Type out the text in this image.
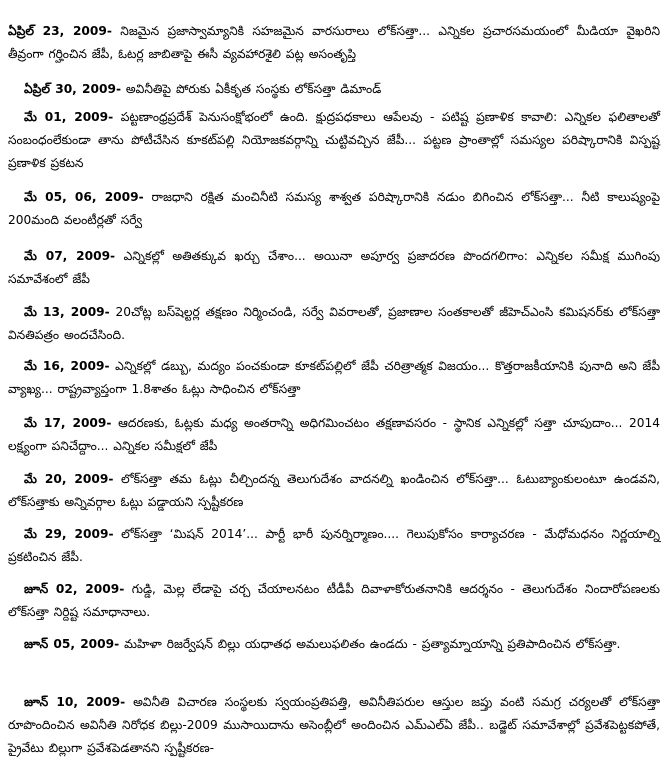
ఏప్రిల్ 23, 2009- నిజమైన ప్రజాస్వామ్యానికి సహజమైన వారసురాలు లోక్‌సత్తా... ఎన్నికల ప్రచారసమయంలో మీడియా వైఖరిని తీవ్రంగా గర్హించిన జేపీ, ఓటర్ల జాబితాపై ఈసీ వ్యవహారశైలి పట్ల అసంతృప్తి

ఏప్రిల్ 30, 2009- అవినీతిపై పోరుకు ఏకీకృత సంస్థకు లోక్‌సత్తా డిమాండ్

మే 01, 2009- పట్టణాంధ్రప్రదేశ్ పెనుసంక్షోభంలో ఉంది. క్షుద్రపధకాలు ఆపేలవు - పటిష్ట ప్రణాళిక కావాలి: ఎన్నికల ఫలితాలతో సంబంధంలేకుండా తాను పోటీచేసిన కూకట్‌పల్లి నియోజకవర్గాన్ని చుట్టివచ్చిన జేపీ... పట్టణ ప్రాంతాల్లో సమస్యల పరిష్కారానికి విస్పష్ట ప్రణాళిక ప్రకటన

మే 05, 06, 2009- రాజధాని రక్షిత మంచినీటి సమస్య శాశ్వత పరిష్కారానికి నడుం బిగించిన లోక్‌సత్తా... నీటి కాలుష్యంపై 200మంది వలంటీర్లతో సర్వే

మే 07, 2009- ఎన్నికల్లో అతితక్కువ ఖర్చు చేశాం... అయినా అపూర్వ ప్రజాదరణ పొందగలిగాం: ఎన్నికల సమీక్ష ముగింపు సమావేశంలో జేపీ

మే 13, 2009- 20చోట్ల బస్‌షెల్టర్ల తక్షణం నిర్మించండి, సర్వే వివరాలతో, ప్రజాణాల సంతకాలతో జీహెచ్‌ఎంసి కమిషనర్‌కు లోక్‌సత్తా వినతిపత్రం అందచేసింది.

మే 16, 2009- ఎన్నికల్లో డబ్బు, మద్యం పంచకుండా కూకట్‌పల్లిలో జేపీ చరిత్రాత్మక విజయం... కొత్తరాజకీయానికి పునాది అని జేపీ వ్యాఖ్య... రాష్ట్రవ్యాప్తంగా 1.8శాతం ఓట్లు సాధించిన లోక్‌సత్తా

మే 17, 2009- ఆదరణకు, ఓట్లకు మధ్య అంతరాన్ని అధిగమించటం తక్షణావసరం - స్థానిక ఎన్నికల్లో సత్తా చూపుదాం... 2014 లక్ష్యంగా పనిచేద్దాం... ఎన్నికల సమీక్షలో జేపీ

మే 20, 2009- లోక్‌సత్తా తమ ఓట్లు చీల్చిందన్న తెలుగుదేశం వాదనల్ని ఖండించిన లోక్‌సత్తా... ఓటుబ్యాంకులంటూ ఉండవని, లోక్‌సత్తాకు అన్నివర్గాల ఓట్లు పడ్డాయని స్పష్టీకరణ

మే 29, 2009- లోక్‌సత్తా ‘మిషన్ 2014’... పార్టీ భారీ పునర్నిర్మాణం.... గెలుపుకోసం కార్యాచరణ - మేధోమధనం నిర్ణయాల్ని ప్రకటించిన జేపీ.

జూన్ 02, 2009- గుడ్డి, మెల్ల లేడాపై చర్చ చేయాలనటం టీడీపీ దివాళాకోరుతనానికి ఆదర్శనం - తెలుగుదేశం నిందారోపణలకు లోక్‌సత్తా నిర్దిష్ట సమాధానాలు.

జూన్ 05, 2009- మహిళా రిజర్వేషన్ బిల్లు యధాతధ అమలుఫలితం ఉండదు - ప్రత్యామ్నాయాన్ని ప్రతిపాదించిన లోక్‌సత్తా.

జూన్ 10, 2009- అవినీతి విచారణ సంస్థలకు స్వయంప్రతిపత్తి, అవినీతిపరుల ఆస్తుల జప్తు వంటి సమగ్ర చర్యలతో లోక్‌సత్తా రూపొందించిన అవినీతి నిరోధక బిల్లు-2009 ముసాయిదాను అసెంబ్లీలో అందించిన ఎమ్‌ఎల్ఏ జేపీ.. బడ్జెట్ సమావేశాల్లో ప్రవేశపెట్టకపోతే, ప్రైవేటు బిల్లుగా ప్రవేశపెడతానని స్పష్టీకరణ-
